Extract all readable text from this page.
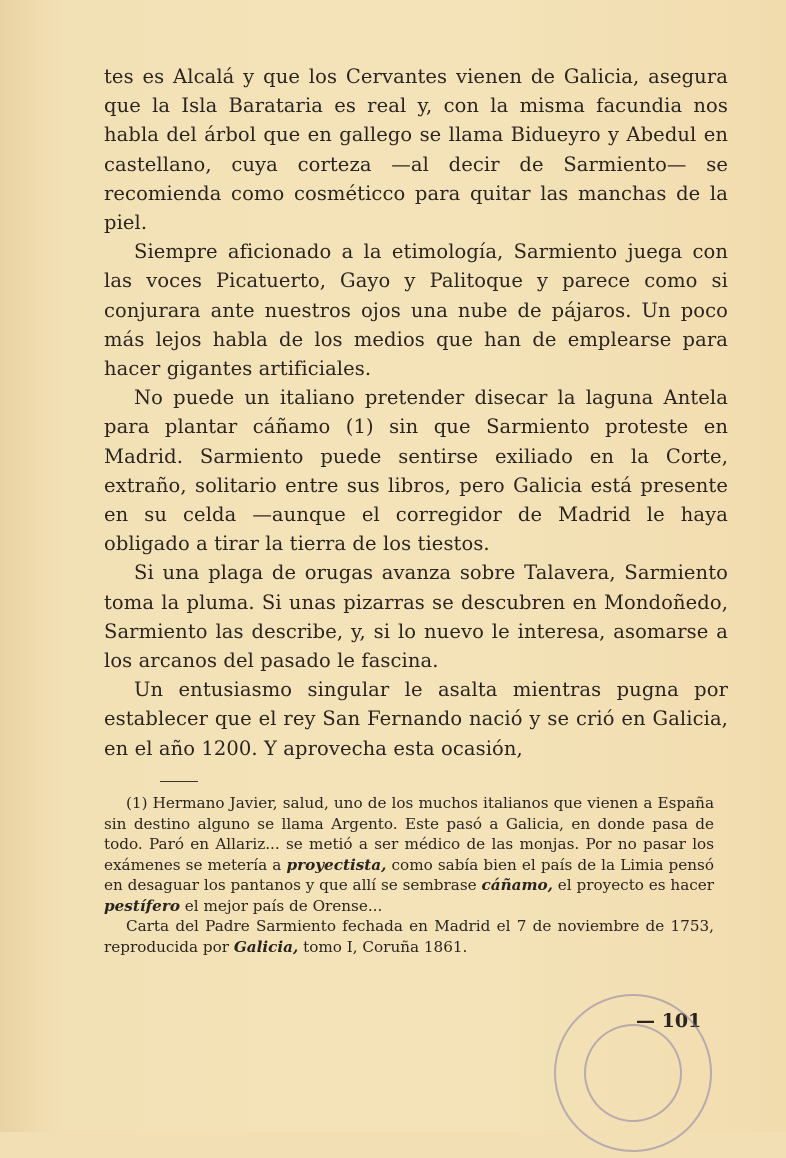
tes es Alcalá y que los Cervantes vienen de Galicia, asegura que la Isla Barataria es real y, con la misma facundia nos habla del árbol que en gallego se llama Bidueyro y Abedul en castellano, cuya corteza —al decir de Sarmiento— se recomienda como cosméticco para quitar las manchas de la piel.

Siempre aficionado a la etimología, Sarmiento juega con las voces Picatuerto, Gayo y Palitoque y parece como si conjurara ante nuestros ojos una nube de pájaros. Un poco más lejos habla de los medios que han de emplearse para hacer gigantes artificiales.

No puede un italiano pretender disecar la laguna Antela para plantar cáñamo (1) sin que Sarmiento proteste en Madrid. Sarmiento puede sentirse exiliado en la Corte, extraño, solitario entre sus libros, pero Galicia está presente en su celda —aunque el corregidor de Madrid le haya obligado a tirar la tierra de los tiestos.

Si una plaga de orugas avanza sobre Talavera, Sarmiento toma la pluma. Si unas pizarras se descubren en Mondoñedo, Sarmiento las describe, y, si lo nuevo le interesa, asomarse a los arcanos del pasado le fascina.

Un entusiasmo singular le asalta mientras pugna por establecer que el rey San Fernando nació y se crió en Galicia, en el año 1200. Y aprovecha esta ocasión,

(1) Hermano Javier, salud, uno de los muchos italianos que vienen a España sin destino alguno se llama Argento. Este pasó a Galicia, en donde pasa de todo. Paró en Allariz... se metió a ser médico de las monjas. Por no pasar los exámenes se metería a proyectista, como sabía bien el país de la Limia pensó en desaguar los pantanos y que allí se sembrase cáñamo, el proyecto es hacer pestífero el mejor país de Orense...

Carta del Padre Sarmiento fechada en Madrid el 7 de noviembre de 1753, reproducida por Galicia, tomo I, Coruña 1861.

— 101
